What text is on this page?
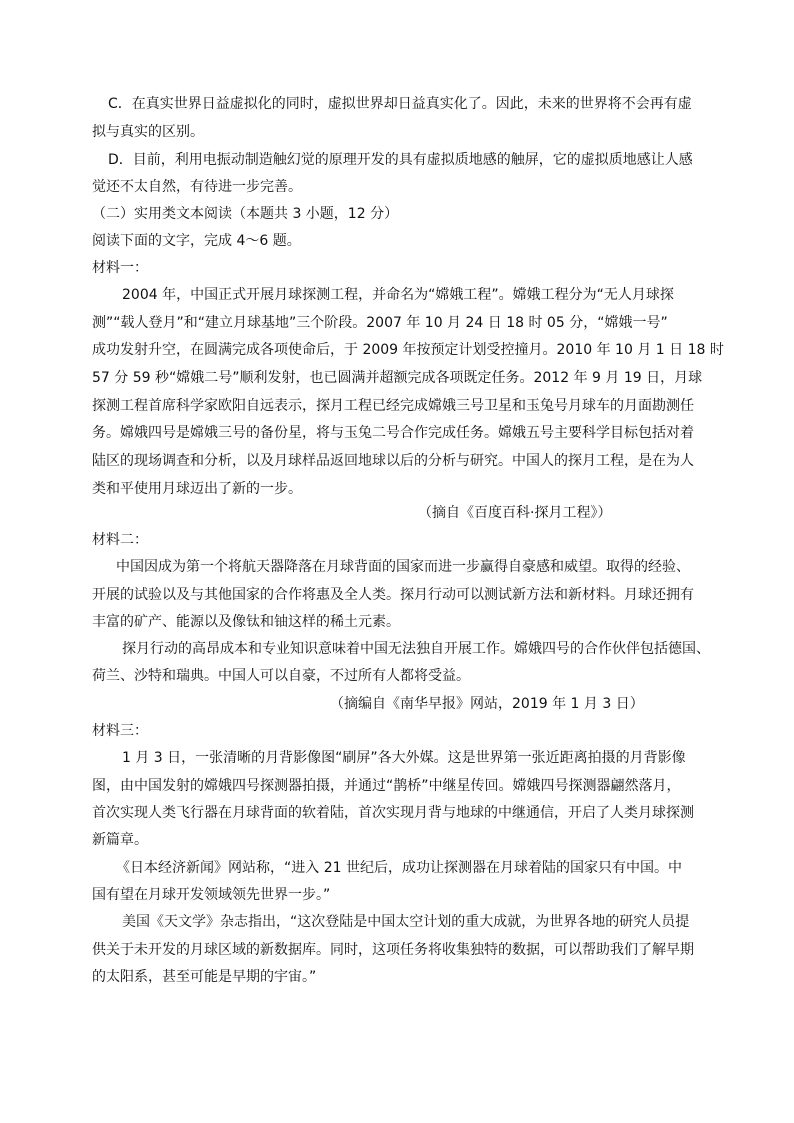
C．在真实世界日益虚拟化的同时，虚拟世界却日益真实化了。因此，未来的世界将不会再有虚
拟与真实的区别。
D．目前，利用电振动制造触幻觉的原理开发的具有虚拟质地感的触屏，它的虚拟质地感让人感
觉还不太自然，有待进一步完善。
（二）实用类文本阅读（本题共 3 小题，12 分）
阅读下面的文字，完成 4～6 题。
材料一：
2004 年，中国正式开展月球探测工程，并命名为“嫦娥工程”。嫦娥工程分为“无人月球探
测”“载人登月”和“建立月球基地”三个阶段。2007 年 10 月 24 日 18 时 05 分，“嫦娥一号”
成功发射升空，在圆满完成各项使命后，于 2009 年按预定计划受控撞月。2010 年 10 月 1 日 18 时
57 分 59 秒“嫦娥二号”顺利发射，也已圆满并超额完成各项既定任务。2012 年 9 月 19 日，月球
探测工程首席科学家欧阳自远表示，探月工程已经完成嫦娥三号卫星和玉兔号月球车的月面勘测任
务。嫦娥四号是嫦娥三号的备份星，将与玉兔二号合作完成任务。嫦娥五号主要科学目标包括对着
陆区的现场调查和分析，以及月球样品返回地球以后的分析与研究。中国人的探月工程，是在为人
类和平使用月球迈出了新的一步。
（摘自《百度百科·探月工程》）
材料二：
中国因成为第一个将航天器降落在月球背面的国家而进一步赢得自豪感和威望。取得的经验、
开展的试验以及与其他国家的合作将惠及全人类。探月行动可以测试新方法和新材料。月球还拥有
丰富的矿产、能源以及像钛和铀这样的稀土元素。
探月行动的高昂成本和专业知识意味着中国无法独自开展工作。嫦娥四号的合作伙伴包括德国、
荷兰、沙特和瑞典。中国人可以自豪，不过所有人都将受益。
（摘编自《南华早报》网站，2019 年 1 月 3 日）
材料三：
1 月 3 日，一张清晰的月背影像图“刷屏”各大外媒。这是世界第一张近距离拍摄的月背影像
图，由中国发射的嫦娥四号探测器拍摄，并通过“鹊桥”中继星传回。嫦娥四号探测器翩然落月，
首次实现人类飞行器在月球背面的软着陆，首次实现月背与地球的中继通信，开启了人类月球探测
新篇章。
《日本经济新闻》网站称，“进入 21 世纪后，成功让探测器在月球着陆的国家只有中国。中
国有望在月球开发领域领先世界一步。”
美国《天文学》杂志指出，“这次登陆是中国太空计划的重大成就，为世界各地的研究人员提
供关于未开发的月球区域的新数据库。同时，这项任务将收集独特的数据，可以帮助我们了解早期
的太阳系，甚至可能是早期的宇宙。”
